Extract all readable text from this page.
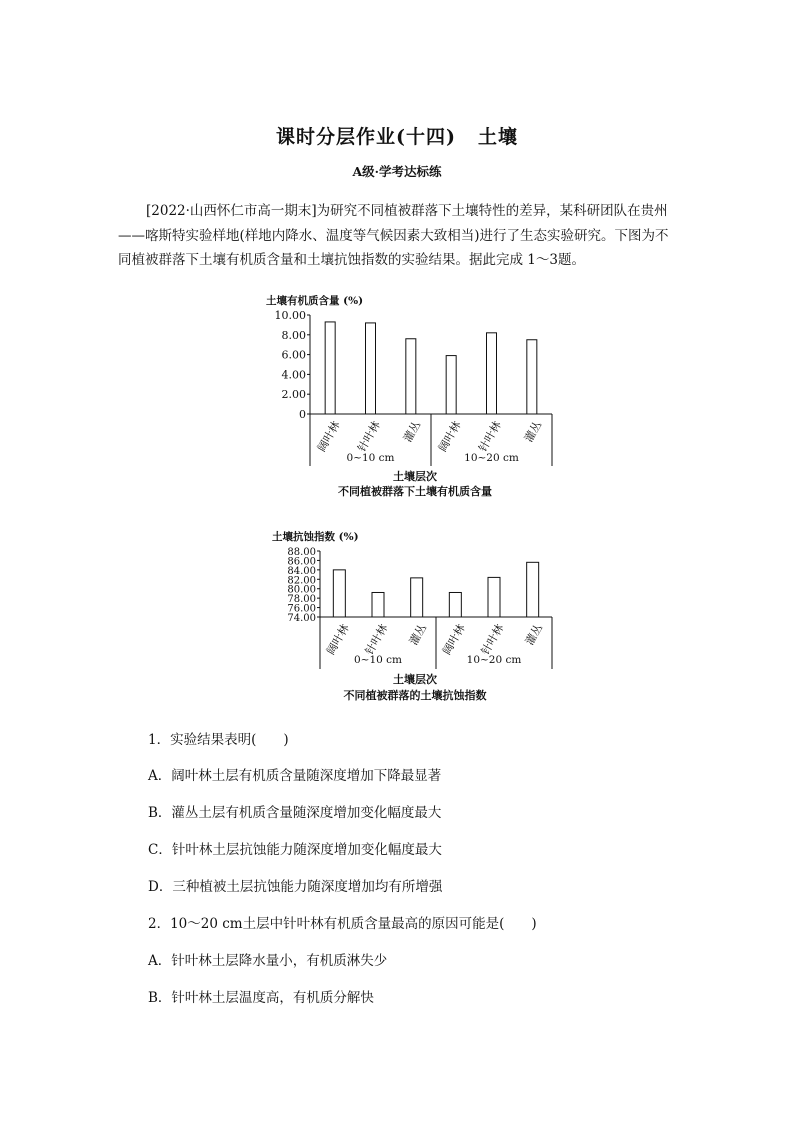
课时分层作业(十四) 土壤
A级·学考达标练
[2022·山西怀仁市高一期末]为研究不同植被群落下土壤特性的差异，某科研团队在贵州——喀斯特实验样地(样地内降水、温度等气候因素大致相当)进行了生态实验研究。下图为不同植被群落下土壤有机质含量和土壤抗蚀指数的实验结果。据此完成 1～3题。
土壤有机质含量 (%)
10.00
8.00
6.00
4.00
2.00
0
阔叶林 针叶林 灌丛 阔叶林 针叶林 灌丛
0~10 cm	10~20 cm
土壤层次
不同植被群落下土壤有机质含量
土壤抗蚀指数 (%)
88.00
86.00
84.00
82.00
80.00
78.00
76.00
74.00
阔叶林 针叶林 灌丛 阔叶林 针叶林 灌丛
0~10 cm	10~20 cm
土壤层次
不同植被群落的土壤抗蚀指数
1．实验结果表明(　　)
A．阔叶林土层有机质含量随深度增加下降最显著
B．灌丛土层有机质含量随深度增加变化幅度最大
C．针叶林土层抗蚀能力随深度增加变化幅度最大
D．三种植被土层抗蚀能力随深度增加均有所增强
2．10～20 cm土层中针叶林有机质含量最高的原因可能是(　　)
A．针叶林土层降水量小，有机质淋失少
B．针叶林土层温度高，有机质分解快
